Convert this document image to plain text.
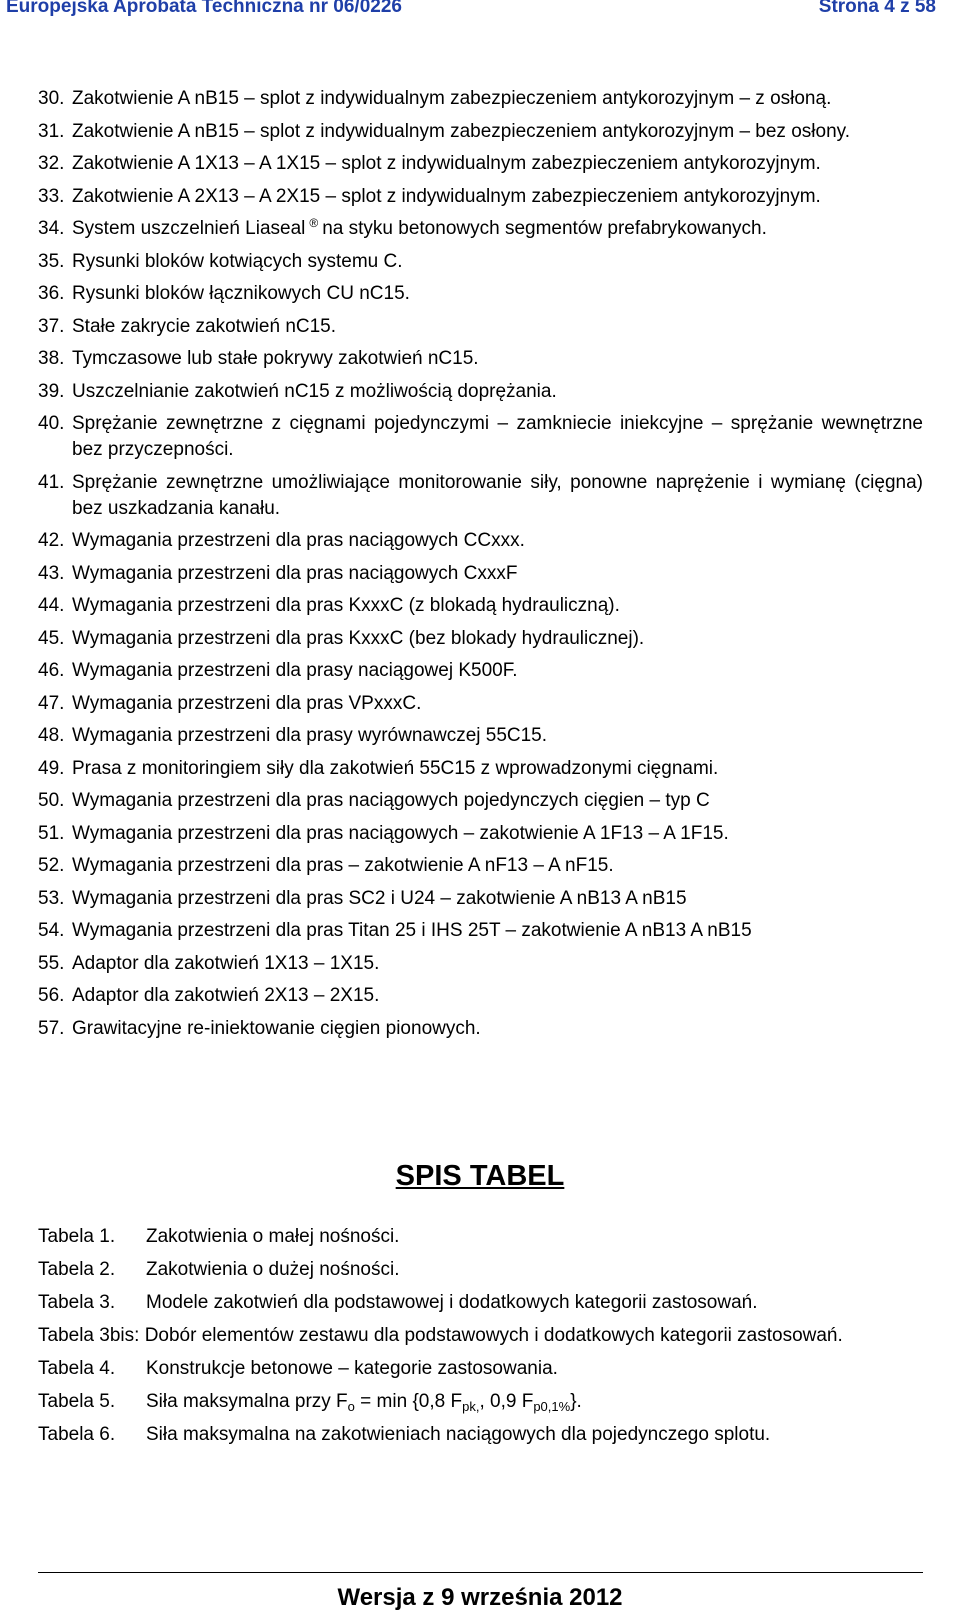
Europejska Aprobata Techniczna nr 06/0226	Strona 4 z 58
30. Zakotwienie A nB15 – splot z indywidualnym zabezpieczeniem antykorozyjnym – z osłoną.
31. Zakotwienie A nB15 – splot z indywidualnym zabezpieczeniem antykorozyjnym – bez osłony.
32. Zakotwienie A 1X13 – A 1X15 – splot z indywidualnym zabezpieczeniem antykorozyjnym.
33. Zakotwienie A 2X13 – A 2X15 – splot z indywidualnym zabezpieczeniem antykorozyjnym.
34. System uszczelnień Liaseal ® na styku betonowych segmentów prefabrykowanych.
35. Rysunki bloków kotwiących systemu C.
36. Rysunki bloków łącznikowych CU nC15.
37. Stałe zakrycie zakotwień nC15.
38. Tymczasowe lub stałe pokrywy zakotwień nC15.
39. Uszczelnianie zakotwień nC15 z możliwością doprężania.
40. Sprężanie zewnętrzne z cięgnami pojedynczymi – zamkniecie iniekcyjne – sprężanie wewnętrzne bez przyczepności.
41. Sprężanie zewnętrzne umożliwiające monitorowanie siły, ponowne naprężenie i wymianę (cięgna) bez uszkadzania kanału.
42. Wymagania przestrzeni dla pras naciągowych CCxxx.
43. Wymagania przestrzeni dla pras naciągowych CxxxF
44. Wymagania przestrzeni dla pras KxxxC (z blokadą hydrauliczną).
45. Wymagania przestrzeni dla pras KxxxC (bez blokady hydraulicznej).
46. Wymagania przestrzeni dla prasy naciągowej K500F.
47. Wymagania przestrzeni dla pras VPxxxC.
48. Wymagania przestrzeni dla prasy wyrównawczej 55C15.
49. Prasa z monitoringiem siły dla zakotwień 55C15 z wprowadzonymi cięgnami.
50. Wymagania przestrzeni dla pras naciągowych pojedynczych cięgien – typ C
51. Wymagania przestrzeni dla pras naciągowych – zakotwienie A 1F13 – A 1F15.
52. Wymagania przestrzeni dla pras – zakotwienie A nF13 – A nF15.
53. Wymagania przestrzeni dla pras SC2 i U24 – zakotwienie A nB13 A nB15
54. Wymagania przestrzeni dla pras Titan 25 i IHS 25T – zakotwienie A nB13 A nB15
55. Adaptor dla zakotwień 1X13 – 1X15.
56. Adaptor dla zakotwień 2X13 – 2X15.
57. Grawitacyjne re-iniektowanie cięgien pionowych.
SPIS TABEL
Tabela 1.	Zakotwienia o małej nośności.
Tabela 2.	Zakotwienia o dużej nośności.
Tabela 3.	Modele zakotwień dla podstawowej i dodatkowych kategorii zastosowań.
Tabela 3bis: Dobór elementów zestawu dla podstawowych i dodatkowych kategorii zastosowań.
Tabela 4.	Konstrukcje betonowe – kategorie zastosowania.
Tabela 5.	Siła maksymalna przy $F_o = \min \{0,8$ $F_{pk,}$, 0,9 $F_{p0,1\%}$}.
Tabela 6.	Siła maksymalna na zakotwieniach naciągowych dla pojedynczego splotu.
Wersja z 9 września 2012
